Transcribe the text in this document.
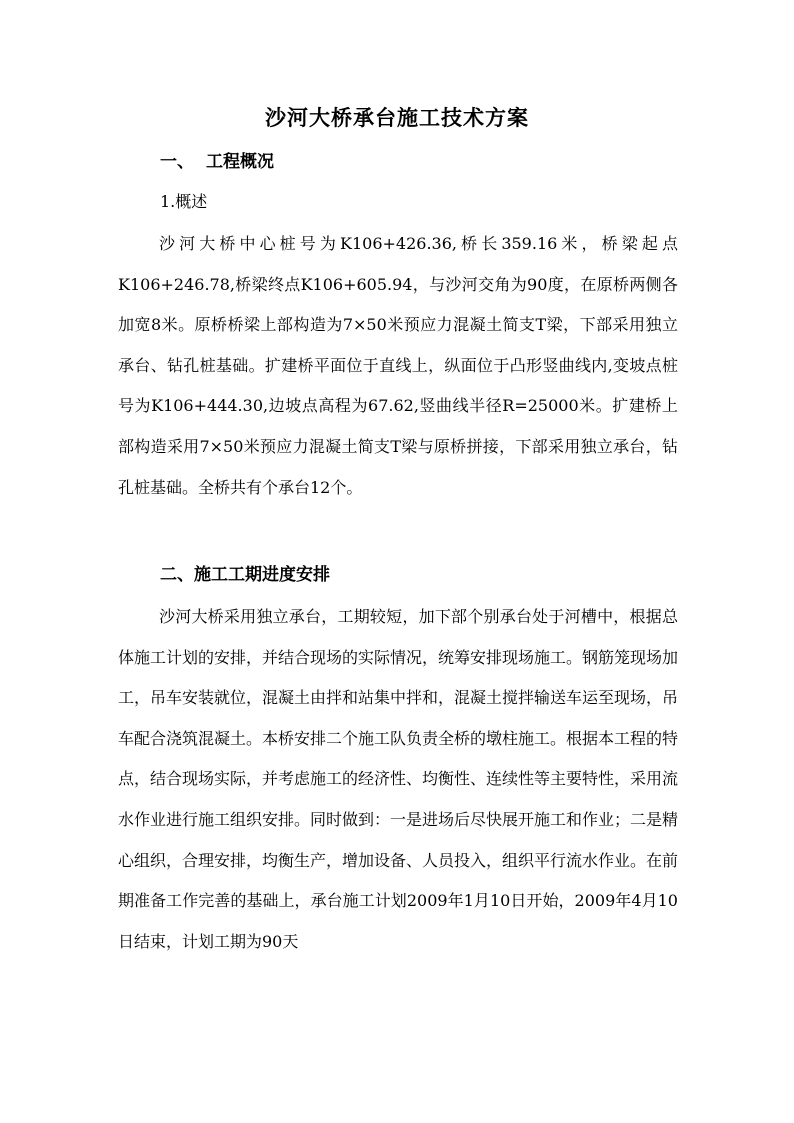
沙河大桥承台施工技术方案
一、 工程概况
1.概述

沙河大桥中心桩号为K106+426.36,桥长359.16米，桥梁起点K106+246.78,桥梁终点K106+605.94，与沙河交角为90度，在原桥两侧各加宽8米。原桥桥梁上部构造为7×50米预应力混凝土简支T梁，下部采用独立承台、钻孔桩基础。扩建桥平面位于直线上，纵面位于凸形竖曲线内,变坡点桩号为K106+444.30,边坡点高程为67.62,竖曲线半径R=25000米。扩建桥上部构造采用7×50米预应力混凝土简支T梁与原桥拼接，下部采用独立承台，钻孔桩基础。全桥共有个承台12个。

二、施工工期进度安排

沙河大桥采用独立承台，工期较短，加下部个别承台处于河槽中，根据总体施工计划的安排，并结合现场的实际情况，统筹安排现场施工。钢筋笼现场加工，吊车安装就位，混凝土由拌和站集中拌和，混凝土搅拌输送车运至现场，吊车配合浇筑混凝土。本桥安排二个施工队负责全桥的墩柱施工。根据本工程的特点，结合现场实际，并考虑施工的经济性、均衡性、连续性等主要特性，采用流水作业进行施工组织安排。同时做到：一是进场后尽快展开施工和作业；二是精心组织，合理安排，均衡生产，增加设备、人员投入，组织平行流水作业。在前期准备工作完善的基础上，承台施工计划2009年1月10日开始，2009年4月10日结束，计划工期为90天
